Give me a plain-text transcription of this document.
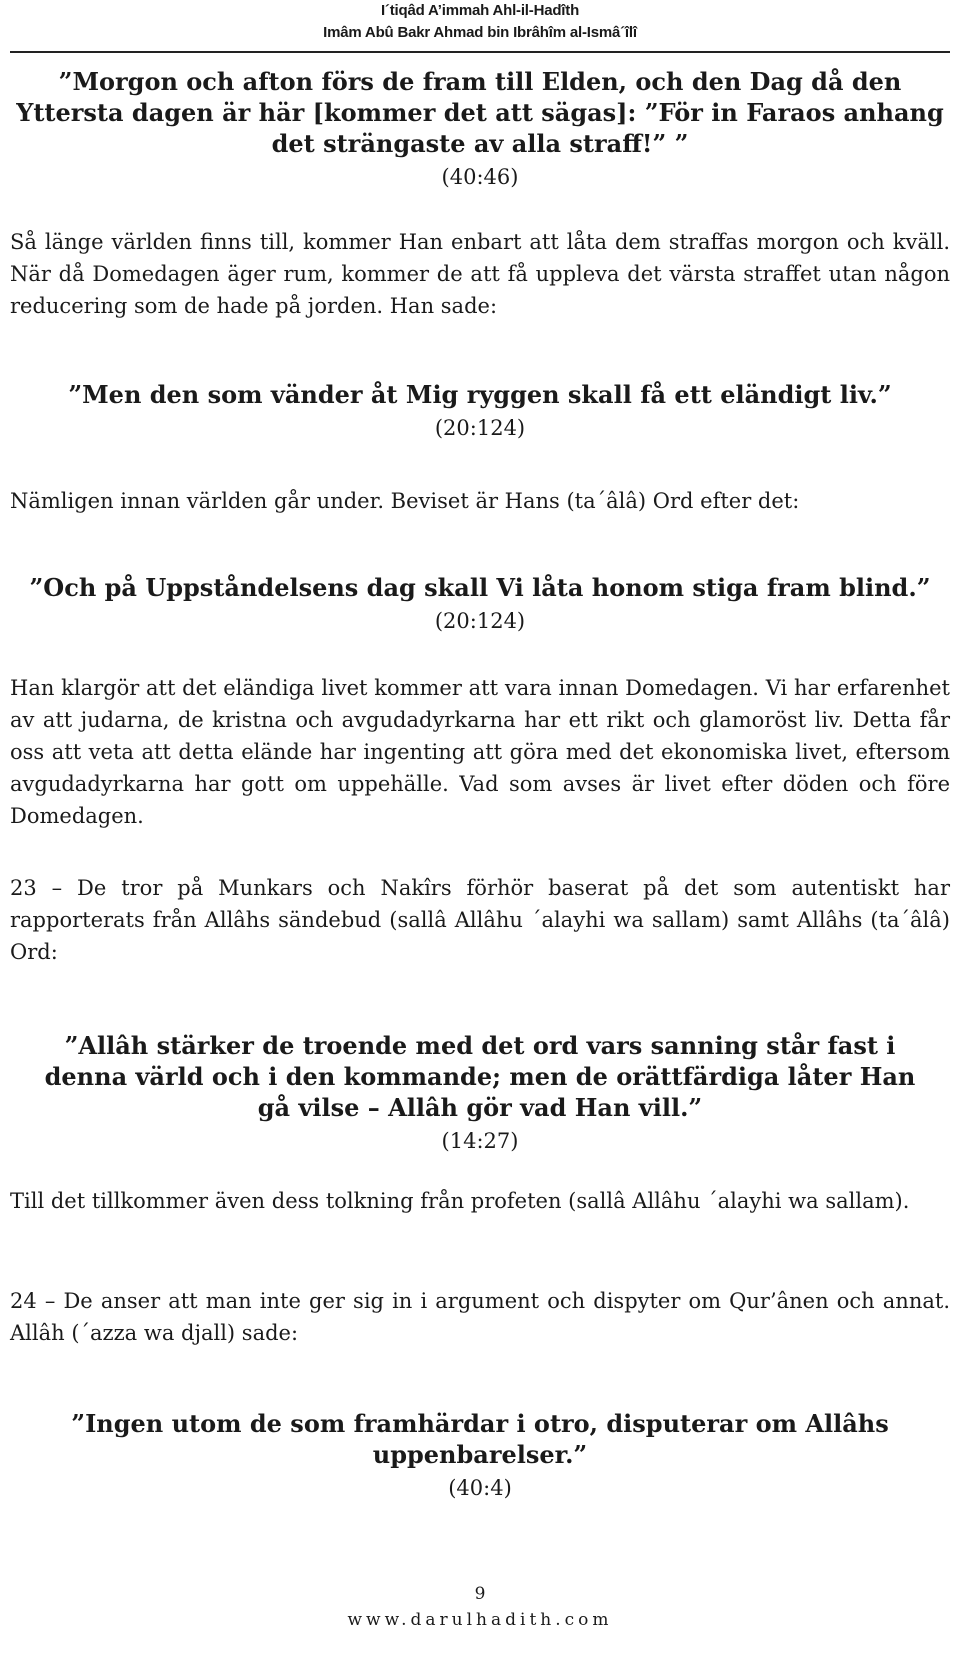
I´tiqâd A’immah Ahl-il-Hadîth
Imâm Abû Bakr Ahmad bin Ibrâhîm al-Ismâ´îlî
”Morgon och afton förs de fram till Elden, och den Dag då den
Yttersta dagen är här [kommer det att sägas]: ”För in Faraos anhang
det strängaste av alla straff!” ”
(40:46)
Så länge världen finns till, kommer Han enbart att låta dem straffas morgon och kväll. När då Domedagen äger rum, kommer de att få uppleva det värsta straffet utan någon reducering som de hade på jorden. Han sade:
”Men den som vänder åt Mig ryggen skall få ett eländigt liv.”
(20:124)
Nämligen innan världen går under. Beviset är Hans (ta´âlâ) Ord efter det:
”Och på Uppståndelsens dag skall Vi låta honom stiga fram blind.”
(20:124)
Han klargör att det eländiga livet kommer att vara innan Domedagen. Vi har erfarenhet av att judarna, de kristna och avgudadyrkarna har ett rikt och glamoröst liv. Detta får oss att veta att detta elände har ingenting att göra med det ekonomiska livet, eftersom avgudadyrkarna har gott om uppehälle. Vad som avses är livet efter döden och före Domedagen.
23 – De tror på Munkars och Nakîrs förhör baserat på det som autentiskt har rapporterats från Allâhs sändebud (sallâ Allâhu ´alayhi wa sallam) samt Allâhs (ta´âlâ) Ord:
”Allâh stärker de troende med det ord vars sanning står fast i
denna värld och i den kommande; men de orättfärdiga låter Han
gå vilse – Allâh gör vad Han vill.”
(14:27)
Till det tillkommer även dess tolkning från profeten (sallâ Allâhu ´alayhi wa sallam).
24 – De anser att man inte ger sig in i argument och dispyter om Qur’ânen och annat. Allâh (´azza wa djall) sade:
”Ingen utom de som framhärdar i otro, disputerar om Allâhs
uppenbarelser.”
(40:4)
9
www.darulhadith.com
